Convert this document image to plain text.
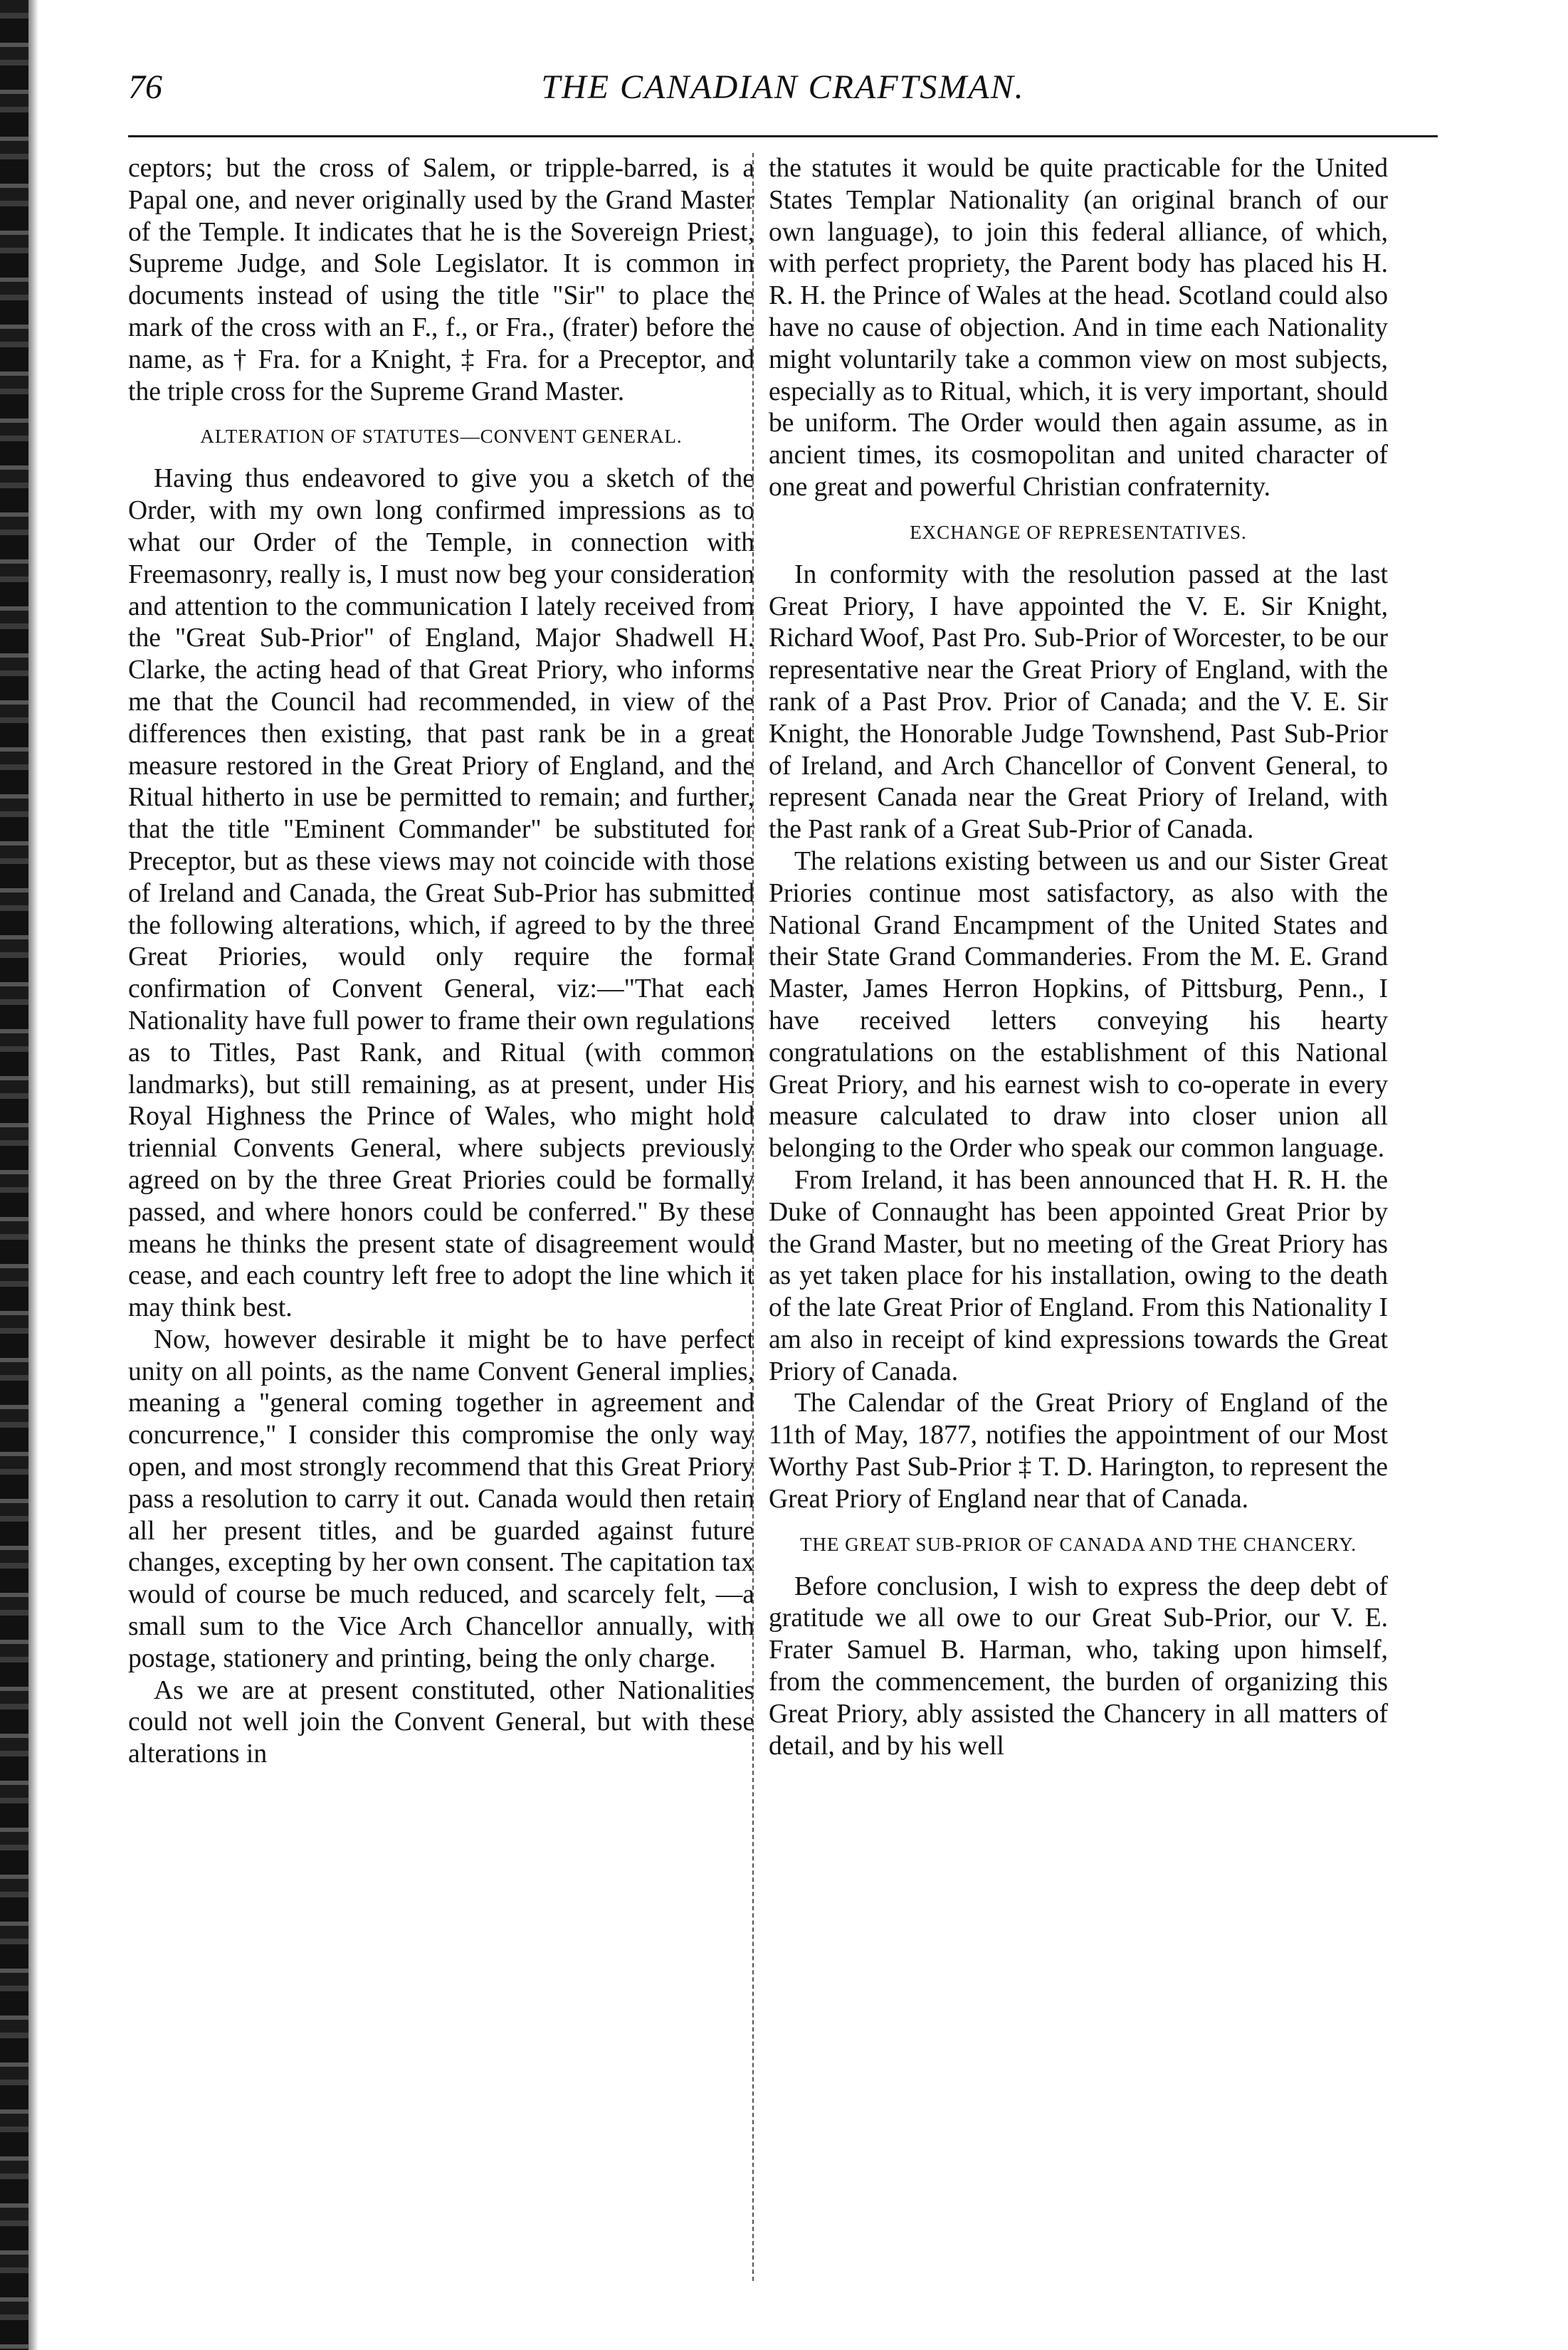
THE CANADIAN CRAFTSMAN.
76

ceptors; but the cross of Salem, or tripple-barred, is a Papal one, and never originally used by the Grand Master of the Temple. It indicates that he is the Sovereign Priest, Supreme Judge, and Sole Legislator. It is common in documents instead of using the title "Sir" to place the mark of the cross with an F., f., or Fra., (frater) before the name, as † Fra. for a Knight, ‡ Fra. for a Preceptor, and the triple cross for the Supreme Grand Master.

ALTERATION OF STATUTES—CONVENT GENERAL.

Having thus endeavored to give you a sketch of the Order, with my own long confirmed impressions as to what our Order of the Temple, in connection with Freemasonry, really is, I must now beg your consideration and attention to the communication I lately received from the "Great Sub-Prior" of England, Major Shadwell H. Clarke, the acting head of that Great Priory, who informs me that the Council had recommended, in view of the differences then existing, that past rank be in a great measure restored in the Great Priory of England, and the Ritual hitherto in use be permitted to remain; and further, that the title "Eminent Commander" be substituted for Preceptor, but as these views may not coincide with those of Ireland and Canada, the Great Sub-Prior has submitted the following alterations, which, if agreed to by the three Great Priories, would only require the formal confirmation of Convent General, viz:—"That each Nationality have full power to frame their own regulations as to Titles, Past Rank, and Ritual (with common landmarks), but still remaining, as at present, under His Royal Highness the Prince of Wales, who might hold triennial Convents General, where subjects previously agreed on by the three Great Priories could be formally passed, and where honors could be conferred." By these means he thinks the present state of disagreement would cease, and each country left free to adopt the line which it may think best.

Now, however desirable it might be to have perfect unity on all points, as the name Convent General implies, meaning a "general coming together in agreement and concurrence," I consider this compromise the only way open, and most strongly recommend that this Great Priory pass a resolution to carry it out. Canada would then retain all her present titles, and be guarded against future changes, excepting by her own consent. The capitation tax would of course be much reduced, and scarcely felt, —a small sum to the Vice Arch Chancellor annually, with postage, stationery and printing, being the only charge.

As we are at present constituted, other Nationalities could not well join the Convent General, but with these alterations in

the statutes it would be quite practicable for the United States Templar Nationality (an original branch of our own language), to join this federal alliance, of which, with perfect propriety, the Parent body has placed his H. R. H. the Prince of Wales at the head. Scotland could also have no cause of objection. And in time each Nationality might voluntarily take a common view on most subjects, especially as to Ritual, which, it is very important, should be uniform. The Order would then again assume, as in ancient times, its cosmopolitan and united character of one great and powerful Christian confraternity.

EXCHANGE OF REPRESENTATIVES.

In conformity with the resolution passed at the last Great Priory, I have appointed the V. E. Sir Knight, Richard Woof, Past Pro. Sub-Prior of Worcester, to be our representative near the Great Priory of England, with the rank of a Past Prov. Prior of Canada; and the V. E. Sir Knight, the Honorable Judge Townshend, Past Sub-Prior of Ireland, and Arch Chancellor of Convent General, to represent Canada near the Great Priory of Ireland, with the Past rank of a Great Sub-Prior of Canada.

The relations existing between us and our Sister Great Priories continue most satisfactory, as also with the National Grand Encampment of the United States and their State Grand Commanderies. From the M. E. Grand Master, James Herron Hopkins, of Pittsburg, Penn., I have received letters conveying his hearty congratulations on the establishment of this National Great Priory, and his earnest wish to co-operate in every measure calculated to draw into closer union all belonging to the Order who speak our common language.

From Ireland, it has been announced that H. R. H. the Duke of Connaught has been appointed Great Prior by the Grand Master, but no meeting of the Great Priory has as yet taken place for his installation, owing to the death of the late Great Prior of England. From this Nationality I am also in receipt of kind expressions towards the Great Priory of Canada.

The Calendar of the Great Priory of England of the 11th of May, 1877, notifies the appointment of our Most Worthy Past Sub-Prior ‡ T. D. Harington, to represent the Great Priory of England near that of Canada.

THE GREAT SUB-PRIOR OF CANADA AND THE CHANCERY.

Before conclusion, I wish to express the deep debt of gratitude we all owe to our Great Sub-Prior, our V. E. Frater Samuel B. Harman, who, taking upon himself, from the commencement, the burden of organizing this Great Priory, ably assisted the Chancery in all matters of detail, and by his well
